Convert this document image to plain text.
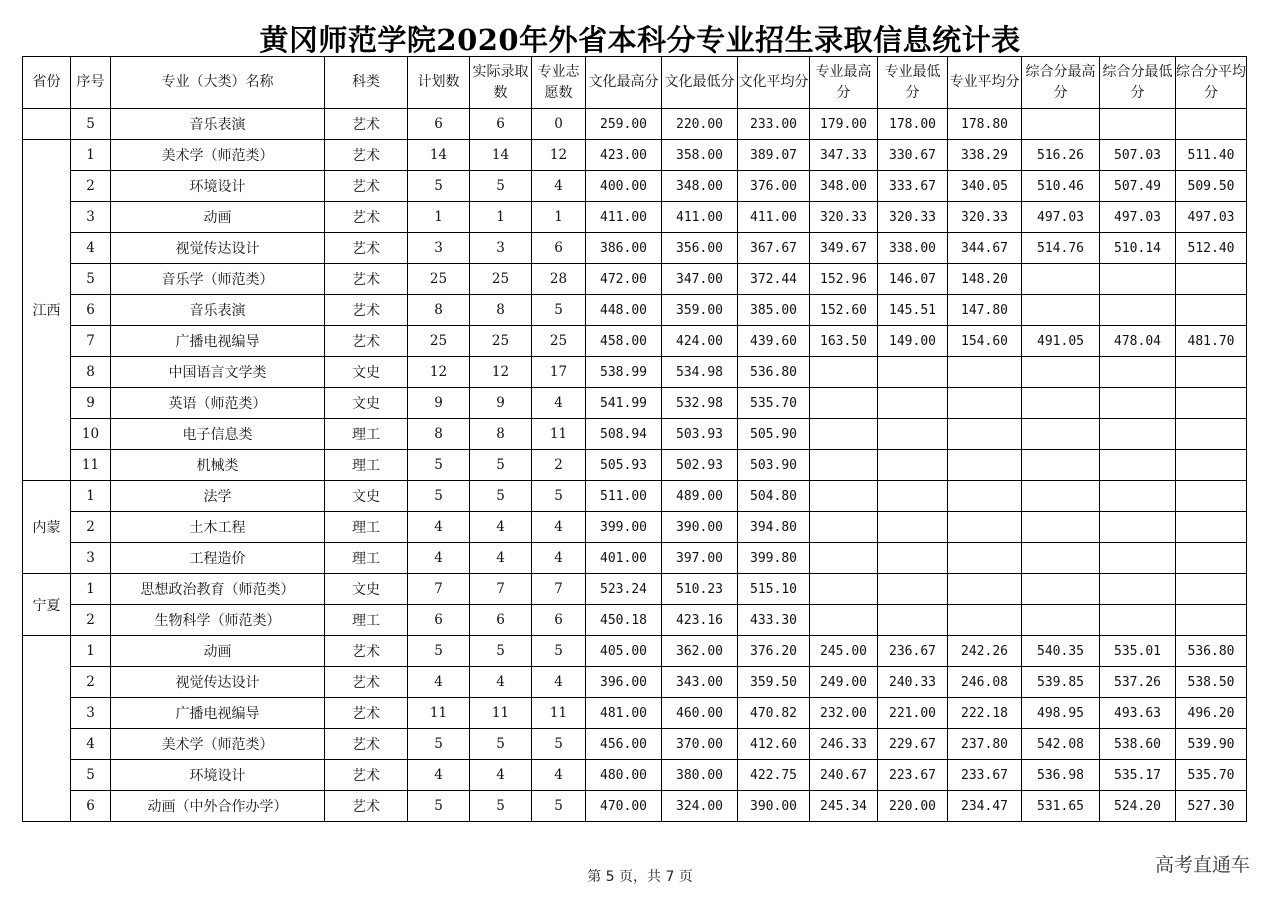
黄冈师范学院2020年外省本科分专业招生录取信息统计表
省份	序号	专业（大类）名称	科类	计划数	实际录取数	专业志愿数	文化最高分	文化最低分	文化平均分	专业最高分	专业最低分	专业平均分	综合分最高分	综合分最低分	综合分平均分
	5	音乐表演	艺术	6	6	0	259.00	220.00	233.00	179.00	178.00	178.80			
江西	1	美术学（师范类）	艺术	14	14	12	423.00	358.00	389.07	347.33	330.67	338.29	516.26	507.03	511.40
	2	环境设计	艺术	5	5	4	400.00	348.00	376.00	348.00	333.67	340.05	510.46	507.49	509.50
	3	动画	艺术	1	1	1	411.00	411.00	411.00	320.33	320.33	320.33	497.03	497.03	497.03
	4	视觉传达设计	艺术	3	3	6	386.00	356.00	367.67	349.67	338.00	344.67	514.76	510.14	512.40
	5	音乐学（师范类）	艺术	25	25	28	472.00	347.00	372.44	152.96	146.07	148.20			
	6	音乐表演	艺术	8	8	5	448.00	359.00	385.00	152.60	145.51	147.80			
	7	广播电视编导	艺术	25	25	25	458.00	424.00	439.60	163.50	149.00	154.60	491.05	478.04	481.70
	8	中国语言文学类	文史	12	12	17	538.99	534.98	536.80						
	9	英语（师范类）	文史	9	9	4	541.99	532.98	535.70						
	10	电子信息类	理工	8	8	11	508.94	503.93	505.90						
	11	机械类	理工	5	5	2	505.93	502.93	503.90						
内蒙	1	法学	文史	5	5	5	511.00	489.00	504.80						
	2	土木工程	理工	4	4	4	399.00	390.00	394.80						
	3	工程造价	理工	4	4	4	401.00	397.00	399.80						
宁夏	1	思想政治教育（师范类）	文史	7	7	7	523.24	510.23	515.10						
	2	生物科学（师范类）	理工	6	6	6	450.18	423.16	433.30						
	1	动画	艺术	5	5	5	405.00	362.00	376.20	245.00	236.67	242.26	540.35	535.01	536.80
	2	视觉传达设计	艺术	4	4	4	396.00	343.00	359.50	249.00	240.33	246.08	539.85	537.26	538.50
	3	广播电视编导	艺术	11	11	11	481.00	460.00	470.82	232.00	221.00	222.18	498.95	493.63	496.20
	4	美术学（师范类）	艺术	5	5	5	456.00	370.00	412.60	246.33	229.67	237.80	542.08	538.60	539.90
	5	环境设计	艺术	4	4	4	480.00	380.00	422.75	240.67	223.67	233.67	536.98	535.17	535.70
	6	动画（中外合作办学）	艺术	5	5	5	470.00	324.00	390.00	245.34	220.00	234.47	531.65	524.20	527.30
第 5 页，共 7 页
高考直通车
